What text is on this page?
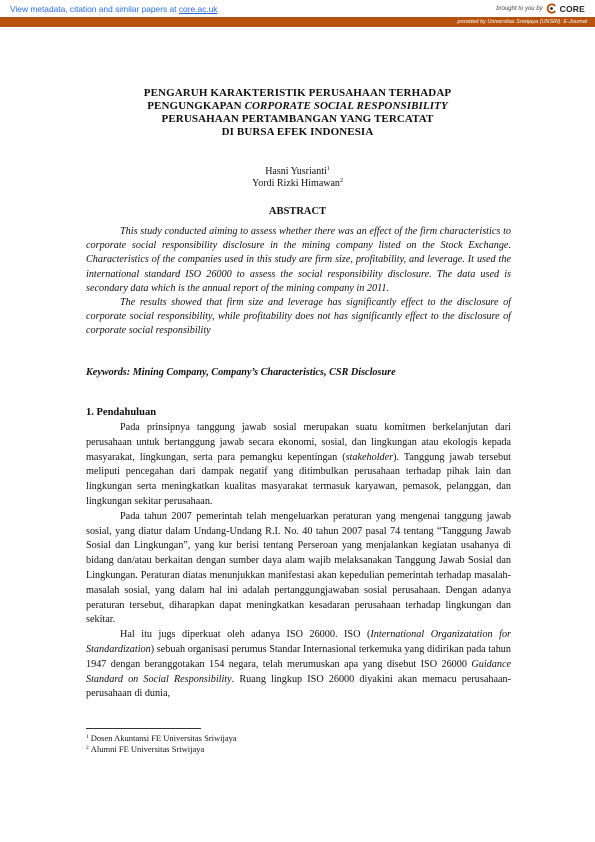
View metadata, citation and similar papers at core.ac.uk	brought to you by CORE
provided by Universitas Sriwijaya (UNSRI): E-Journal
PENGARUH KARAKTERISTIK PERUSAHAAN TERHADAP
PENGUNGKAPAN CORPORATE SOCIAL RESPONSIBILITY
PERUSAHAAN PERTAMBANGAN YANG TERCATAT
DI BURSA EFEK INDONESIA
Hasni Yusrianti$^1$
Yordi Rizki Himawan$^2$
ABSTRACT

This study conducted aiming to assess whether there was an effect of the firm characteristics to corporate social responsibility disclosure in the mining company listed on the Stock Exchange. Characteristics of the companies used in this study are firm size, profitability, and leverage. It used the international standard ISO 26000 to assess the social responsibility disclosure. The data used is secondary data which is the annual report of the mining company in 2011.

The results showed that firm size and leverage has significantly effect to the disclosure of corporate social responsibility, while profitability does not has significantly effect to the disclosure of corporate social responsibility

Keywords: Mining Company, Company’s Characteristics, CSR Disclosure
1. Pendahuluan

Pada prinsipnya tanggung jawab sosial merupakan suatu komitmen berkelanjutan dari perusahaan untuk bertanggung jawab secara ekonomi, sosial, dan lingkungan atau ekologis kepada masyarakat, lingkungan, serta para pemangku kepentingan (stakeholder). Tanggung jawab tersebut meliputi pencegahan dari dampak negatif yang ditimbulkan perusahaan terhadap pihak lain dan lingkungan serta meningkatkan kualitas masyarakat termasuk karyawan, pemasok, pelanggan, dan lingkungan sekitar perusahaan.

Pada tahun 2007 pemerintah telah mengeluarkan peraturan yang mengenai tanggung jawab sosial, yang diatur dalam Undang-Undang R.I. No. 40 tahun 2007 pasal 74 tentang “Tanggung Jawab Sosial dan Lingkungan”, yang kur berisi tentang Perseroan yang menjalankan kegiatan usahanya di bidang dan/atau berkaitan dengan sumber daya alam wajib melaksanakan Tanggung Jawab Sosial dan Lingkungan. Peraturan diatas menunjukkan manifestasi akan kepedulian pemerintah terhadap masalah-masalah sosial, yang dalam hal ini adalah pertanggungjawaban sosial perusahaan. Dengan adanya peraturan tersebut, diharapkan dapat meningkatkan kesadaran perusahaan terhadap lingkungan dan sekitar.

Hal itu jugs diperkuat oleh adanya ISO 26000. ISO (International Organizatation for Standardization) sebuah organisasi perumus Standar Internasional terkemuka yang didirikan pada tahun 1947 dengan beranggotakan 154 negara, telah merumuskan apa yang disebut ISO 26000 Guidance Standard on Social Responsibility. Ruang lingkup ISO 26000 diyakini akan memacu perusahaan-perusahaan di dunia,

$^1$ Dosen Akuntansi FE Universitas Sriwijaya
$^2$ Alumni FE Universitas Sriwijaya
